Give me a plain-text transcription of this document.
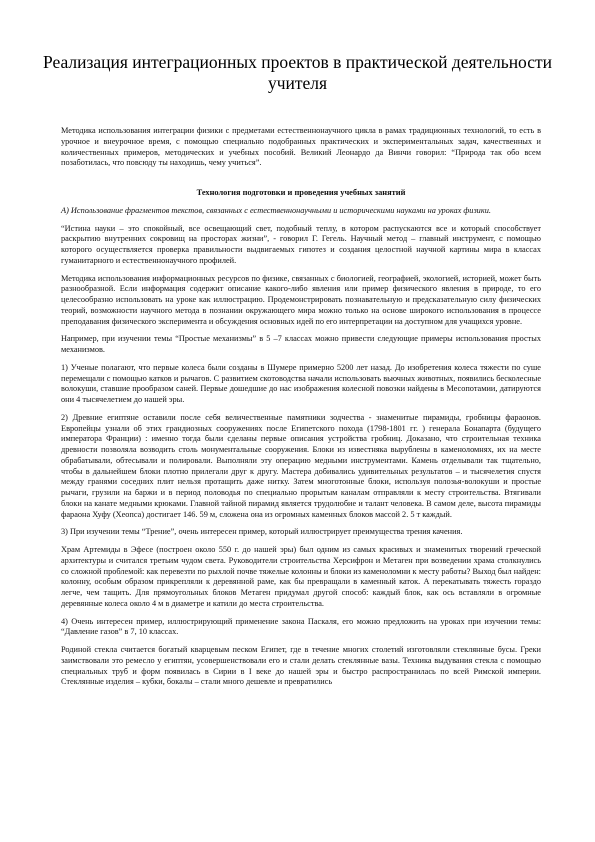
Реализация интеграционных проектов в практической деятельности учителя

Методика использования интеграции физики с предметами естественнонаучного цикла в рамах традиционных технологий, то есть в урочное и внеурочное время, с помощью специально подобранных практических и экспериментальных задач, качественных и количественных примеров, методических и учебных пособий. Великий Леонардо да Винчи говорил: “Природа так обо всем позаботилась, что повсюду ты находишь, чему учиться”.

Технология подготовки и проведения учебных занятий

А) Использование фрагментов текстов, связанных с естественнонаучными и историческими науками на уроках физики.

“Истина науки – это спокойный, все освещающий свет, подобный теплу, в котором распускаются все и который способствует раскрытию внутренних сокровищ на просторах жизни”, - говорил Г. Гегель. Научный метод – главный инструмент, с помощью которого осуществляется проверка правильности выдвигаемых гипотез и создания целостной научной картины мира в классах гуманитарного и естественнонаучного профилей.

Методика использования информационных ресурсов по физике, связанных с биологией, географией, экологией, историей, может быть разнообразной. Если информация содержит описание какого-либо явления или пример физического явления в природе, то его целесообразно использовать на уроке как иллюстрацию. Продемонстрировать познавательную и предсказательную силу физических теорий, возможности научного метода в познании окружающего мира можно только на основе широкого использования в процессе преподавания физического эксперимента и обсуждения основных идей по его интерпретации на доступном для учащихся уровне.

Например, при изучении темы “Простые механизмы” в 5 –7 классах можно привести следующие примеры использования простых механизмов.

1) Ученые полагают, что первые колеса были созданы в Шумере примерно 5200 лет назад. До изобретения колеса тяжести по суше перемещали с помощью катков и рычагов. С развитием скотоводства начали использовать вьючных животных, появились бесколесные волокуши, ставшие прообразом саней. Первые дошедшие до нас изображения колесной повозки найдены в Месопотамии, датируются они 4 тысячелетием до нашей эры.

2) Древние египтяне оставили после себя величественные памятники зодчества - знаменитые пирамиды, гробницы фараонов. Европейцы узнали об этих грандиозных сооружениях после Египетского похода (1798-1801 гг. ) генерала Бонапарта (будущего императора Франции) : именно тогда были сделаны первые описания устройства гробниц. Доказано, что строительная техника древности позволяла возводить столь монументальные сооружения. Блоки из известняка вырублены в каменоломнях, их на месте обрабатывали, обтесывали и полировали. Выполняли эту операцию медными инструментами. Камень отделывали так тщательно, чтобы в дальнейшем блоки плотно прилегали друг к другу. Мастера добивались удивительных результатов – и тысячелетия спустя между гранями соседних плит нельзя протащить даже нитку. Затем многотонные блоки, используя полозья-волокуши и простые рычаги, грузили на баржи и в период половодья по специально прорытым каналам отправляли к месту строительства. Втягивали блоки на канате медными крюками. Главной тайной пирамид является трудолюбие и талант человека. В самом деле, высота пирамиды фараона Хуфу (Хеопса) достигает 146. 59 м, сложена она из огромных каменных блоков массой 2. 5 т каждый.

3) При изучении темы “Трение”, очень интересен пример, который иллюстрирует преимущества трения качения.

Храм Артемиды в Эфесе (построен около 550 г. до нашей эры) был одним из самых красивых и знаменитых творений греческой архитектуры и считался третьим чудом света. Руководители строительства Херсифрон и Метаген при возведении храма столкнулись со сложной проблемой: как перевезти по рыхлой почве тяжелые колонны и блоки из каменоломни к месту работы? Выход был найден: колонну, особым образом прикрепляли к деревянной раме, как бы превращали в каменный каток. А перекатывать тяжесть гораздо легче, чем тащить. Для прямоугольных блоков Метаген придумал другой способ: каждый блок, как ось вставляли в огромные деревянные колеса около 4 м в диаметре и катили до места строительства.

4) Очень интересен пример, иллюстрирующий применение закона Паскаля, его можно предложить на уроках при изучении темы: “Давление газов” в 7, 10 классах.

Родиной стекла считается богатый кварцевым песком Египет, где в течение многих столетий изготовляли стеклянные бусы. Греки заимствовали это ремесло у египтян, усовершенствовали его и стали делать стеклянные вазы. Техника выдувания стекла с помощью специальных труб и форм появилась в Сирии в I веке до нашей эры и быстро распространилась по всей Римской империи. Стеклянные изделия – кубки, бокалы – стали много дешевле и превратились
